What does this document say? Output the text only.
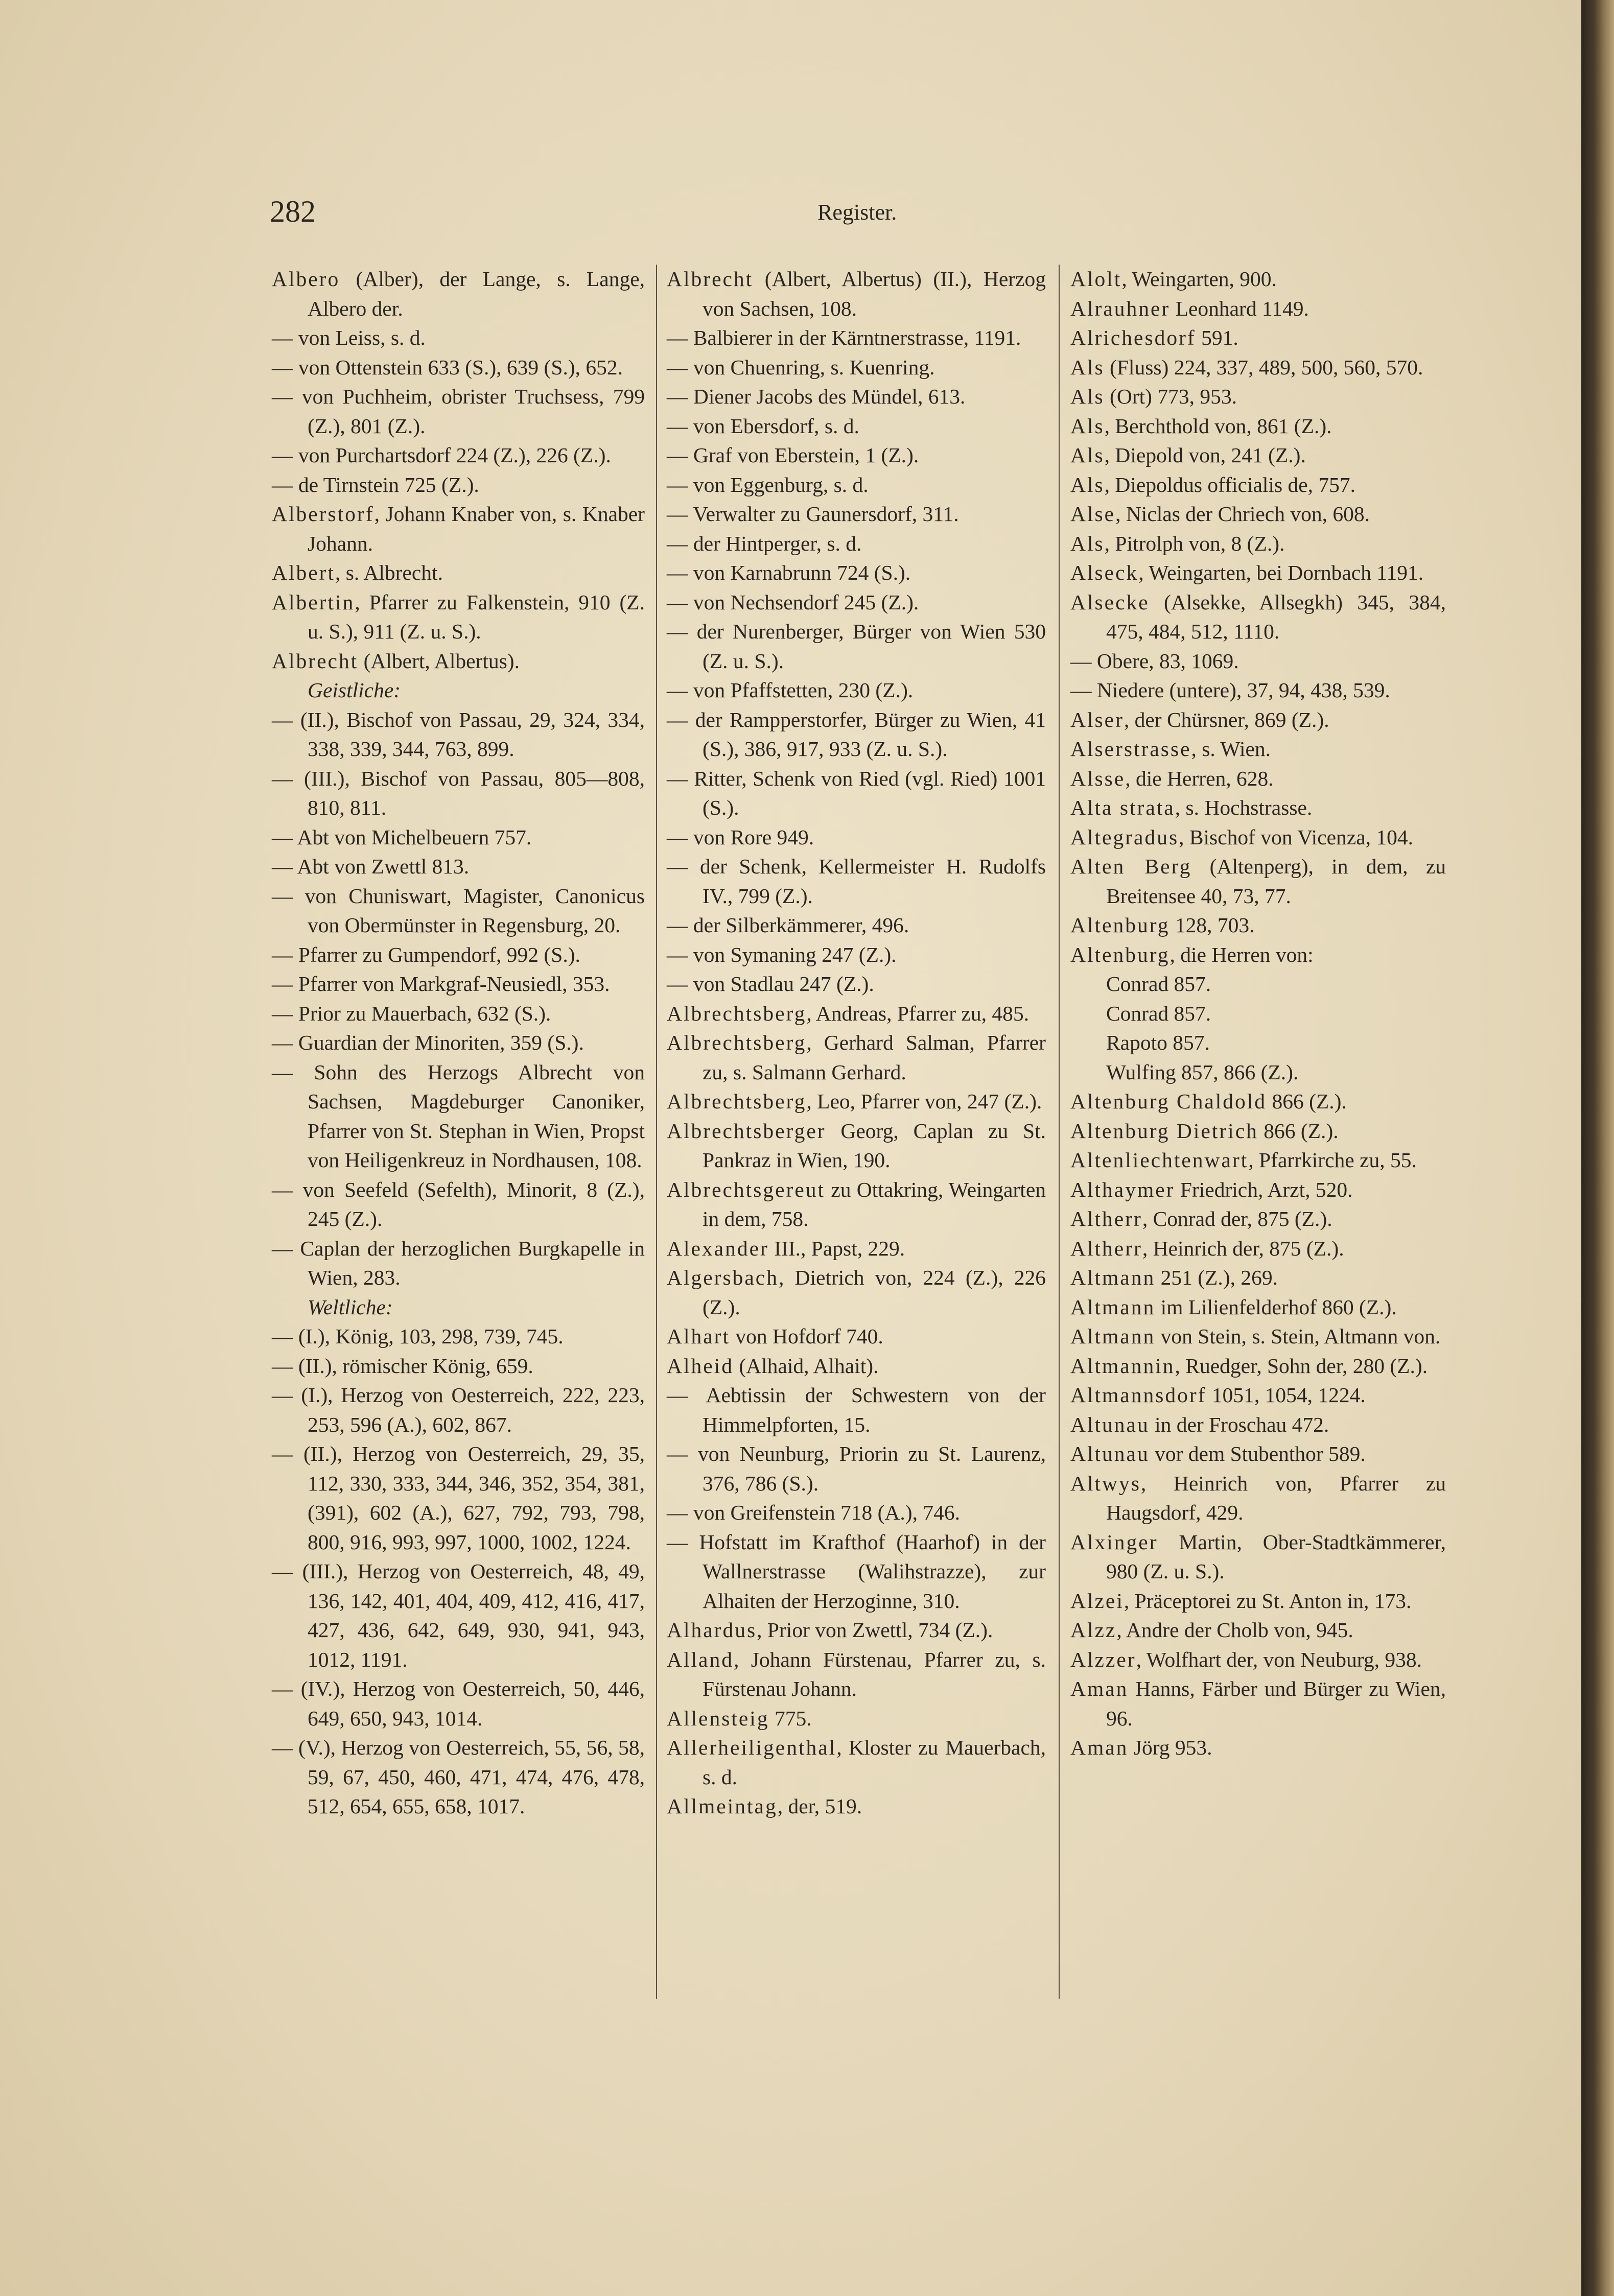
282	Register.
Albero (Alber), der Lange, s. Lange, Albero der.
— von Leiss, s. d.
— von Ottenstein 633 (S.), 639 (S.), 652.
— von Puchheim, obrister Truchsess, 799 (Z.), 801 (Z.).
— von Purchartsdorf 224 (Z.), 226 (Z.).
— de Tirnstein 725 (Z.).
Alberstorf, Johann Knaber von, s. Knaber Johann.
Albert, s. Albrecht.
Albertin, Pfarrer zu Falkenstein, 910 (Z. u. S.), 911 (Z. u. S.).
Albrecht (Albert, Albertus).
Geistliche:
— (II.), Bischof von Passau, 29, 324, 334, 338, 339, 344, 763, 899.
— (III.), Bischof von Passau, 805—808, 810, 811.
— Abt von Michelbeuern 757.
— Abt von Zwettl 813.
— von Chuniswart, Magister, Canonicus von Obermünster in Regensburg, 20.
— Pfarrer zu Gumpendorf, 992 (S.).
— Pfarrer von Markgraf-Neusiedl, 353.
— Prior zu Mauerbach, 632 (S.).
— Guardian der Minoriten, 359 (S.).
— Sohn des Herzogs Albrecht von Sachsen, Magdeburger Canoniker, Pfarrer von St. Stephan in Wien, Propst von Heiligenkreuz in Nordhausen, 108.
— von Seefeld (Sefelth), Minorit, 8 (Z.), 245 (Z.).
— Caplan der herzoglichen Burgkapelle in Wien, 283.
Weltliche:
— (I.), König, 103, 298, 739, 745.
— (II.), römischer König, 659.
— (I.), Herzog von Oesterreich, 222, 223, 253, 596 (A.), 602, 867.
— (II.), Herzog von Oesterreich, 29, 35, 112, 330, 333, 344, 346, 352, 354, 381, (391), 602 (A.), 627, 792, 793, 798, 800, 916, 993, 997, 1000, 1002, 1224.
— (III.), Herzog von Oesterreich, 48, 49, 136, 142, 401, 404, 409, 412, 416, 417, 427, 436, 642, 649, 930, 941, 943, 1012, 1191.
— (IV.), Herzog von Oesterreich, 50, 446, 649, 650, 943, 1014.
— (V.), Herzog von Oesterreich, 55, 56, 58, 59, 67, 450, 460, 471, 474, 476, 478, 512, 654, 655, 658, 1017.
Albrecht (Albert, Albertus) (II.), Herzog von Sachsen, 108.
— Balbierer in der Kärntnerstrasse, 1191.
— von Chuenring, s. Kuenring.
— Diener Jacobs des Mündel, 613.
— von Ebersdorf, s. d.
— Graf von Eberstein, 1 (Z.).
— von Eggenburg, s. d.
— Verwalter zu Gaunersdorf, 311.
— der Hintperger, s. d.
— von Karnabrunn 724 (S.).
— von Nechsendorf 245 (Z.).
— der Nurenberger, Bürger von Wien 530 (Z. u. S.).
— von Pfaffstetten, 230 (Z.).
— der Rampperstorfer, Bürger zu Wien, 41 (S.), 386, 917, 933 (Z. u. S.).
— Ritter, Schenk von Ried (vgl. Ried) 1001 (S.).
— von Rore 949.
— der Schenk, Kellermeister H. Rudolfs IV., 799 (Z.).
— der Silberkämmerer, 496.
— von Symaning 247 (Z.).
— von Stadlau 247 (Z.).
Albrechtsberg, Andreas, Pfarrer zu, 485.
Albrechtsberg, Gerhard Salman, Pfarrer zu, s. Salmann Gerhard.
Albrechtsberg, Leo, Pfarrer von, 247 (Z.).
Albrechtsberger Georg, Caplan zu St. Pankraz in Wien, 190.
Albrechtsgereut zu Ottakring, Weingarten in dem, 758.
Alexander III., Papst, 229.
Algersbach, Dietrich von, 224 (Z.), 226 (Z.).
Alhart von Hofdorf 740.
Alheid (Alhaid, Alhait).
— Aebtissin der Schwestern von der Himmelpforten, 15.
— von Neunburg, Priorin zu St. Laurenz, 376, 786 (S.).
— von Greifenstein 718 (A.), 746.
— Hofstatt im Krafthof (Haarhof) in der Wallnerstrasse (Walihstrazze), zur Alhaiten der Herzoginne, 310.
Alhardus, Prior von Zwettl, 734 (Z.).
Alland, Johann Fürstenau, Pfarrer zu, s. Fürstenau Johann.
Allensteig 775.
Allerheiligenthal, Kloster zu Mauerbach, s. d.
Allmeintag, der, 519.
Alolt, Weingarten, 900.
Alrauhner Leonhard 1149.
Alrichesdorf 591.
Als (Fluss) 224, 337, 489, 500, 560, 570.
Als (Ort) 773, 953.
Als, Berchthold von, 861 (Z.).
Als, Diepold von, 241 (Z.).
Als, Diepoldus officialis de, 757.
Alse, Niclas der Chriech von, 608.
Als, Pitrolph von, 8 (Z.).
Alseck, Weingarten, bei Dornbach 1191.
Alsecke (Alsekke, Allsegkh) 345, 384, 475, 484, 512, 1110.
— Obere, 83, 1069.
— Niedere (untere), 37, 94, 438, 539.
Alser, der Chürsner, 869 (Z.).
Alserstrasse, s. Wien.
Alsse, die Herren, 628.
Alta strata, s. Hochstrasse.
Altegradus, Bischof von Vicenza, 104.
Alten Berg (Altenperg), in dem, zu Breitensee 40, 73, 77.
Altenburg 128, 703.
Altenburg, die Herren von:
Conrad 857.
Conrad 857.
Rapoto 857.
Wulfing 857, 866 (Z.).
Altenburg Chaldold 866 (Z.).
Altenburg Dietrich 866 (Z.).
Altenliechtenwart, Pfarrkirche zu, 55.
Althaymer Friedrich, Arzt, 520.
Altherr, Conrad der, 875 (Z.).
Altherr, Heinrich der, 875 (Z.).
Altmann 251 (Z.), 269.
Altmann im Lilienfelderhof 860 (Z.).
Altmann von Stein, s. Stein, Altmann von.
Altmannin, Ruedger, Sohn der, 280 (Z.).
Altmannsdorf 1051, 1054, 1224.
Altunau in der Froschau 472.
Altunau vor dem Stubenthor 589.
Altwys, Heinrich von, Pfarrer zu Haugsdorf, 429.
Alxinger Martin, Ober-Stadtkämmerer, 980 (Z. u. S.).
Alzei, Präceptorei zu St. Anton in, 173.
Alzz, Andre der Cholb von, 945.
Alzzer, Wolfhart der, von Neuburg, 938.
Aman Hanns, Färber und Bürger zu Wien, 96.
Aman Jörg 953.
